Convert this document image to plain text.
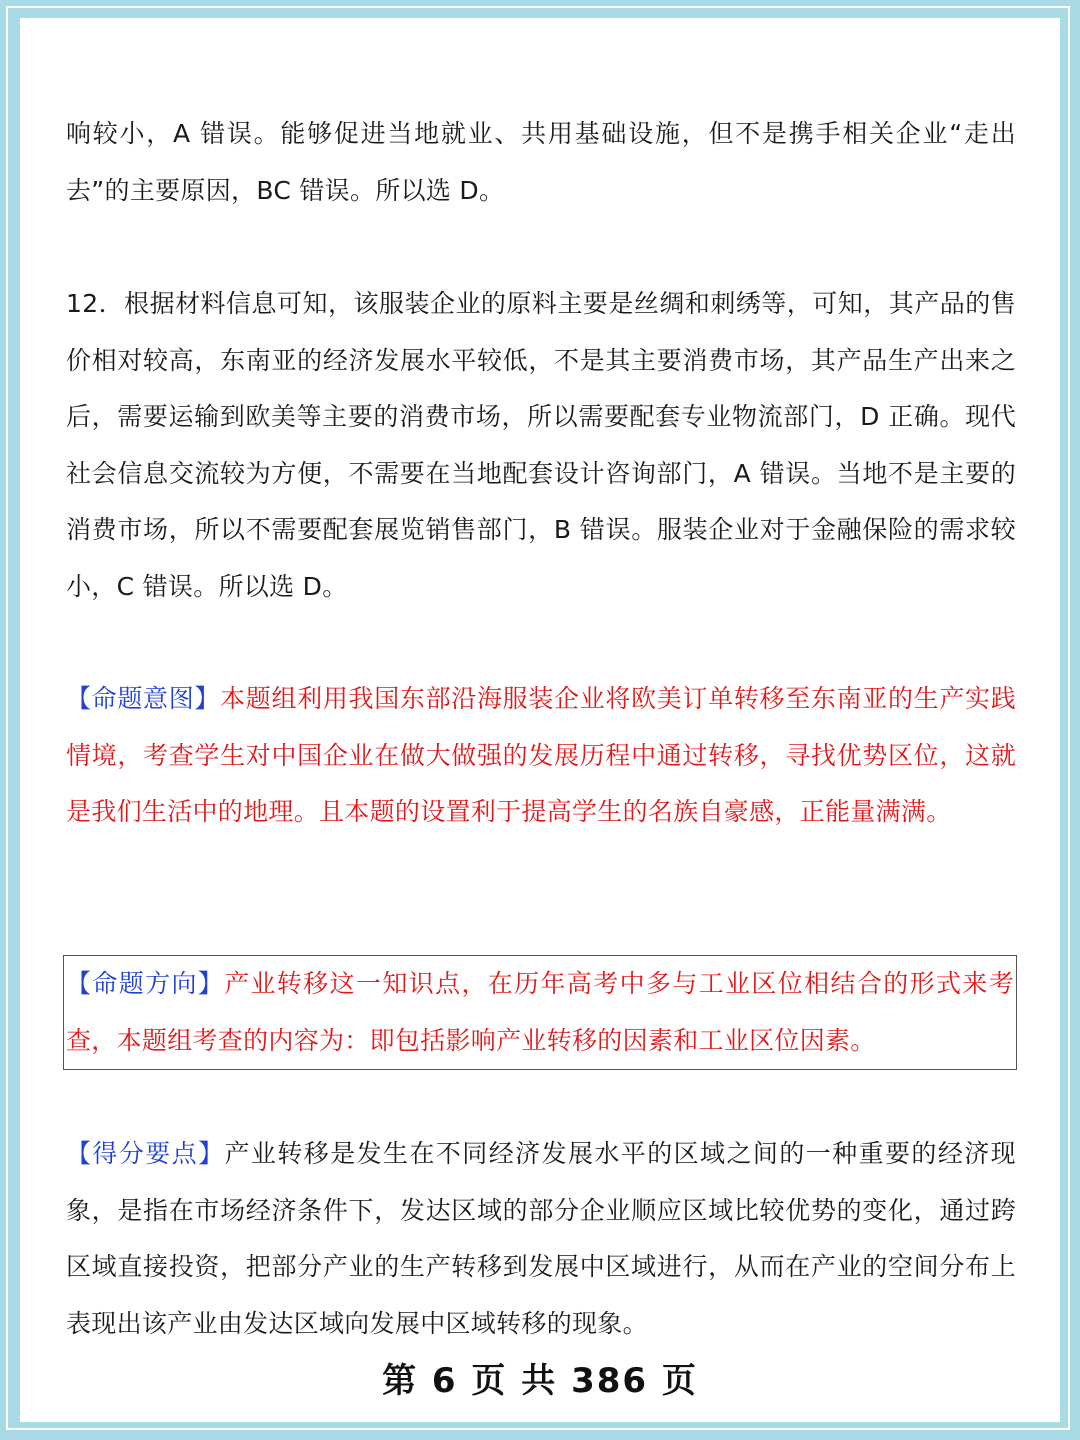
响较小，A 错误。能够促进当地就业、共用基础设施，但不是携手相关企业“走出去”的主要原因，BC 错误。所以选 D。
12．根据材料信息可知，该服装企业的原料主要是丝绸和刺绣等，可知，其产品的售价相对较高，东南亚的经济发展水平较低，不是其主要消费市场，其产品生产出来之后，需要运输到欧美等主要的消费市场，所以需要配套专业物流部门，D 正确。现代社会信息交流较为方便，不需要在当地配套设计咨询部门，A 错误。当地不是主要的消费市场，所以不需要配套展览销售部门，B 错误。服装企业对于金融保险的需求较小，C 错误。所以选 D。
【命题意图】本题组利用我国东部沿海服装企业将欧美订单转移至东南亚的生产实践情境，考查学生对中国企业在做大做强的发展历程中通过转移，寻找优势区位，这就是我们生活中的地理。且本题的设置利于提高学生的名族自豪感，正能量满满。
【命题方向】产业转移这一知识点，在历年高考中多与工业区位相结合的形式来考查，本题组考查的内容为：即包括影响产业转移的因素和工业区位因素。
【得分要点】产业转移是发生在不同经济发展水平的区域之间的一种重要的经济现象，是指在市场经济条件下，发达区域的部分企业顺应区域比较优势的变化，通过跨区域直接投资，把部分产业的生产转移到发展中区域进行，从而在产业的空间分布上表现出该产业由发达区域向发展中区域转移的现象。
第 6 页 共 386 页
